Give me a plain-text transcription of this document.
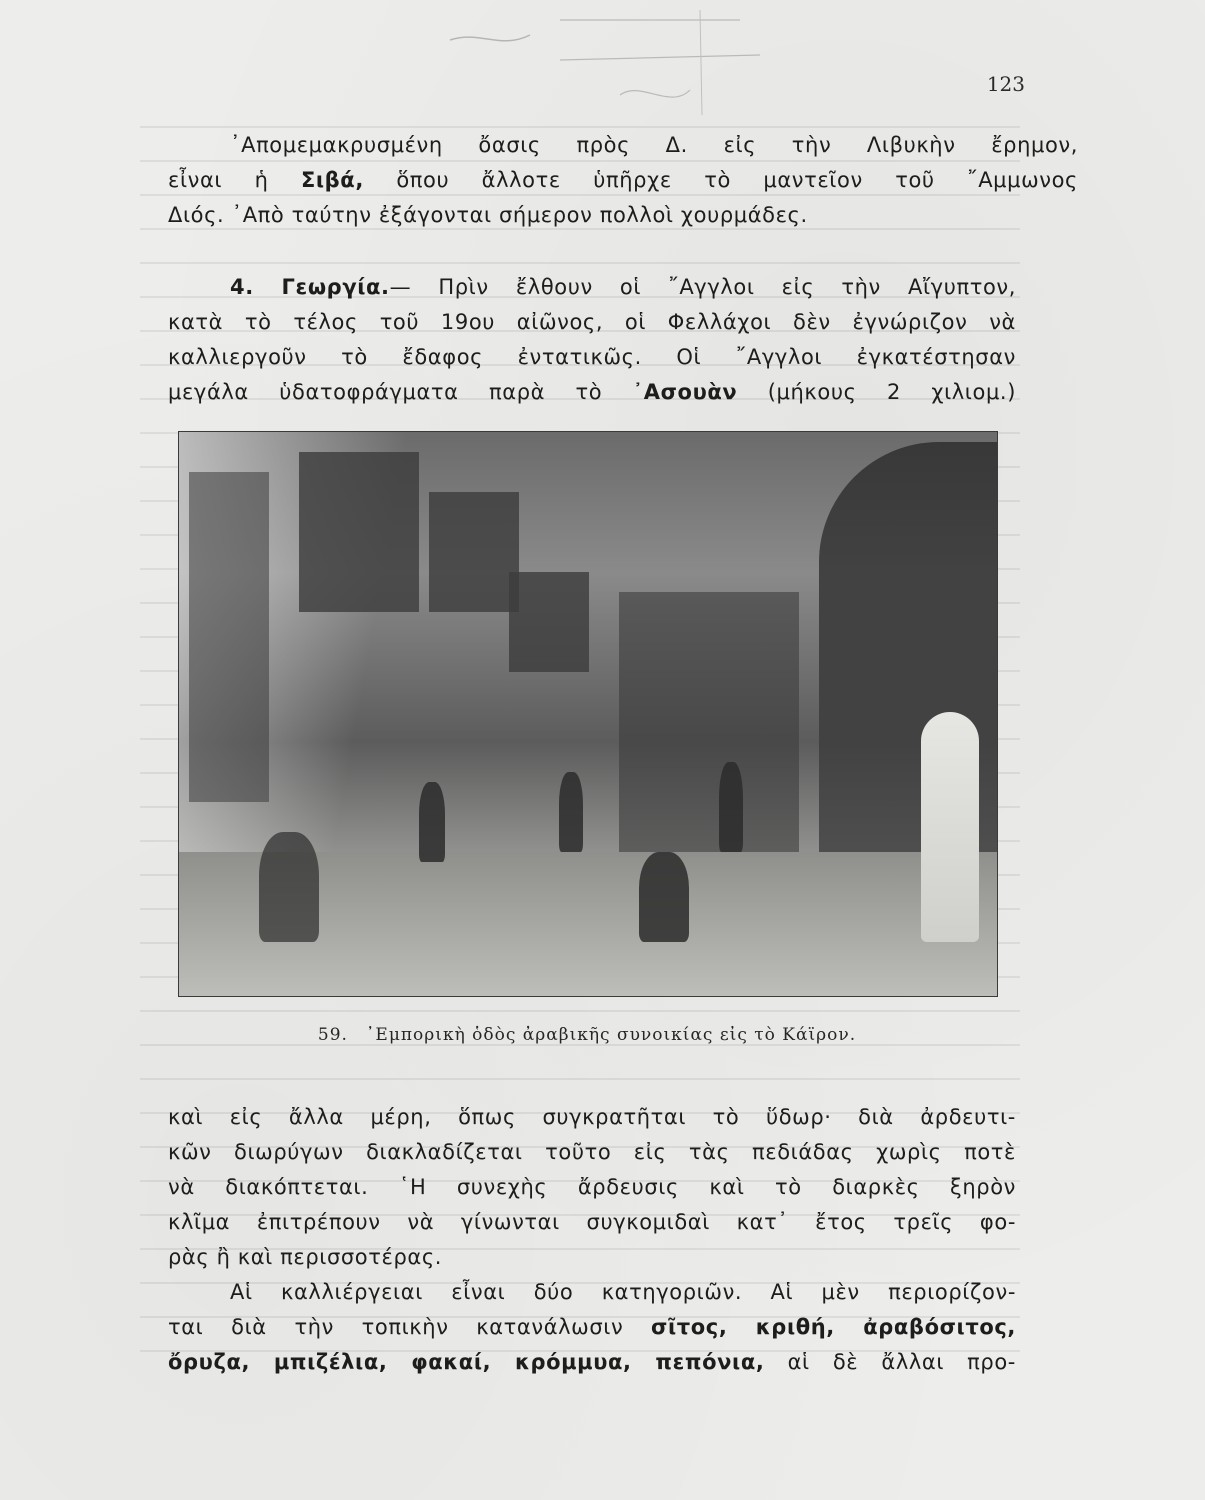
123
᾽Απομεμακρυσμένη ὄασις πρὸς Δ. εἰς τὴν Λιβυκὴν ἔρημον,
εἶναι ἡ Σιβά, ὅπου ἄλλοτε ὑπῆρχε τὸ μαντεῖον τοῦ ῎Αμμωνος
Διός. ᾽Απὸ ταύτην ἐξάγονται σήμερον πολλοὶ χουρμάδες.
4. Γεωργία.— Πρὶν ἔλθουν οἱ ῎Αγγλοι εἰς τὴν Αἴγυπτον,
κατὰ τὸ τέλος τοῦ 19ου αἰῶνος, οἱ Φελλάχοι δὲν ἐγνώριζον νὰ
καλλιεργοῦν τὸ ἔδαφος ἐντατικῶς. Οἱ ῎Αγγλοι ἐγκατέστησαν
μεγάλα ὑδατοφράγματα παρὰ τὸ ᾽Ασουὰν (μήκους 2 χιλιομ.)
59. ᾽Εμπορικὴ ὁδὸς ἀραβικῆς συνοικίας εἰς τὸ Κάϊρον.
καὶ εἰς ἄλλα μέρη, ὅπως συγκρατῆται τὸ ὕδωρ· διὰ ἀρδευτι-
κῶν διωρύγων διακλαδίζεται τοῦτο εἰς τὰς πεδιάδας χωρὶς ποτὲ
νὰ διακόπτεται. ῾Η συνεχὴς ἄρδευσις καὶ τὸ διαρκὲς ξηρὸν
κλῖμα ἐπιτρέπουν νὰ γίνωνται συγκομιδαὶ κατ᾽ ἔτος τρεῖς φο-
ρὰς ἢ καὶ περισσοτέρας.
Αἱ καλλιέργειαι εἶναι δύο κατηγοριῶν. Αἱ μὲν περιορίζον-
ται διὰ τὴν τοπικὴν κατανάλωσιν σῖτος, κριθή, ἀραβόσιτος,
ὄρυζα, μπιζέλια, φακαί, κρόμμυα, πεπόνια, αἱ δὲ ἄλλαι προ-
